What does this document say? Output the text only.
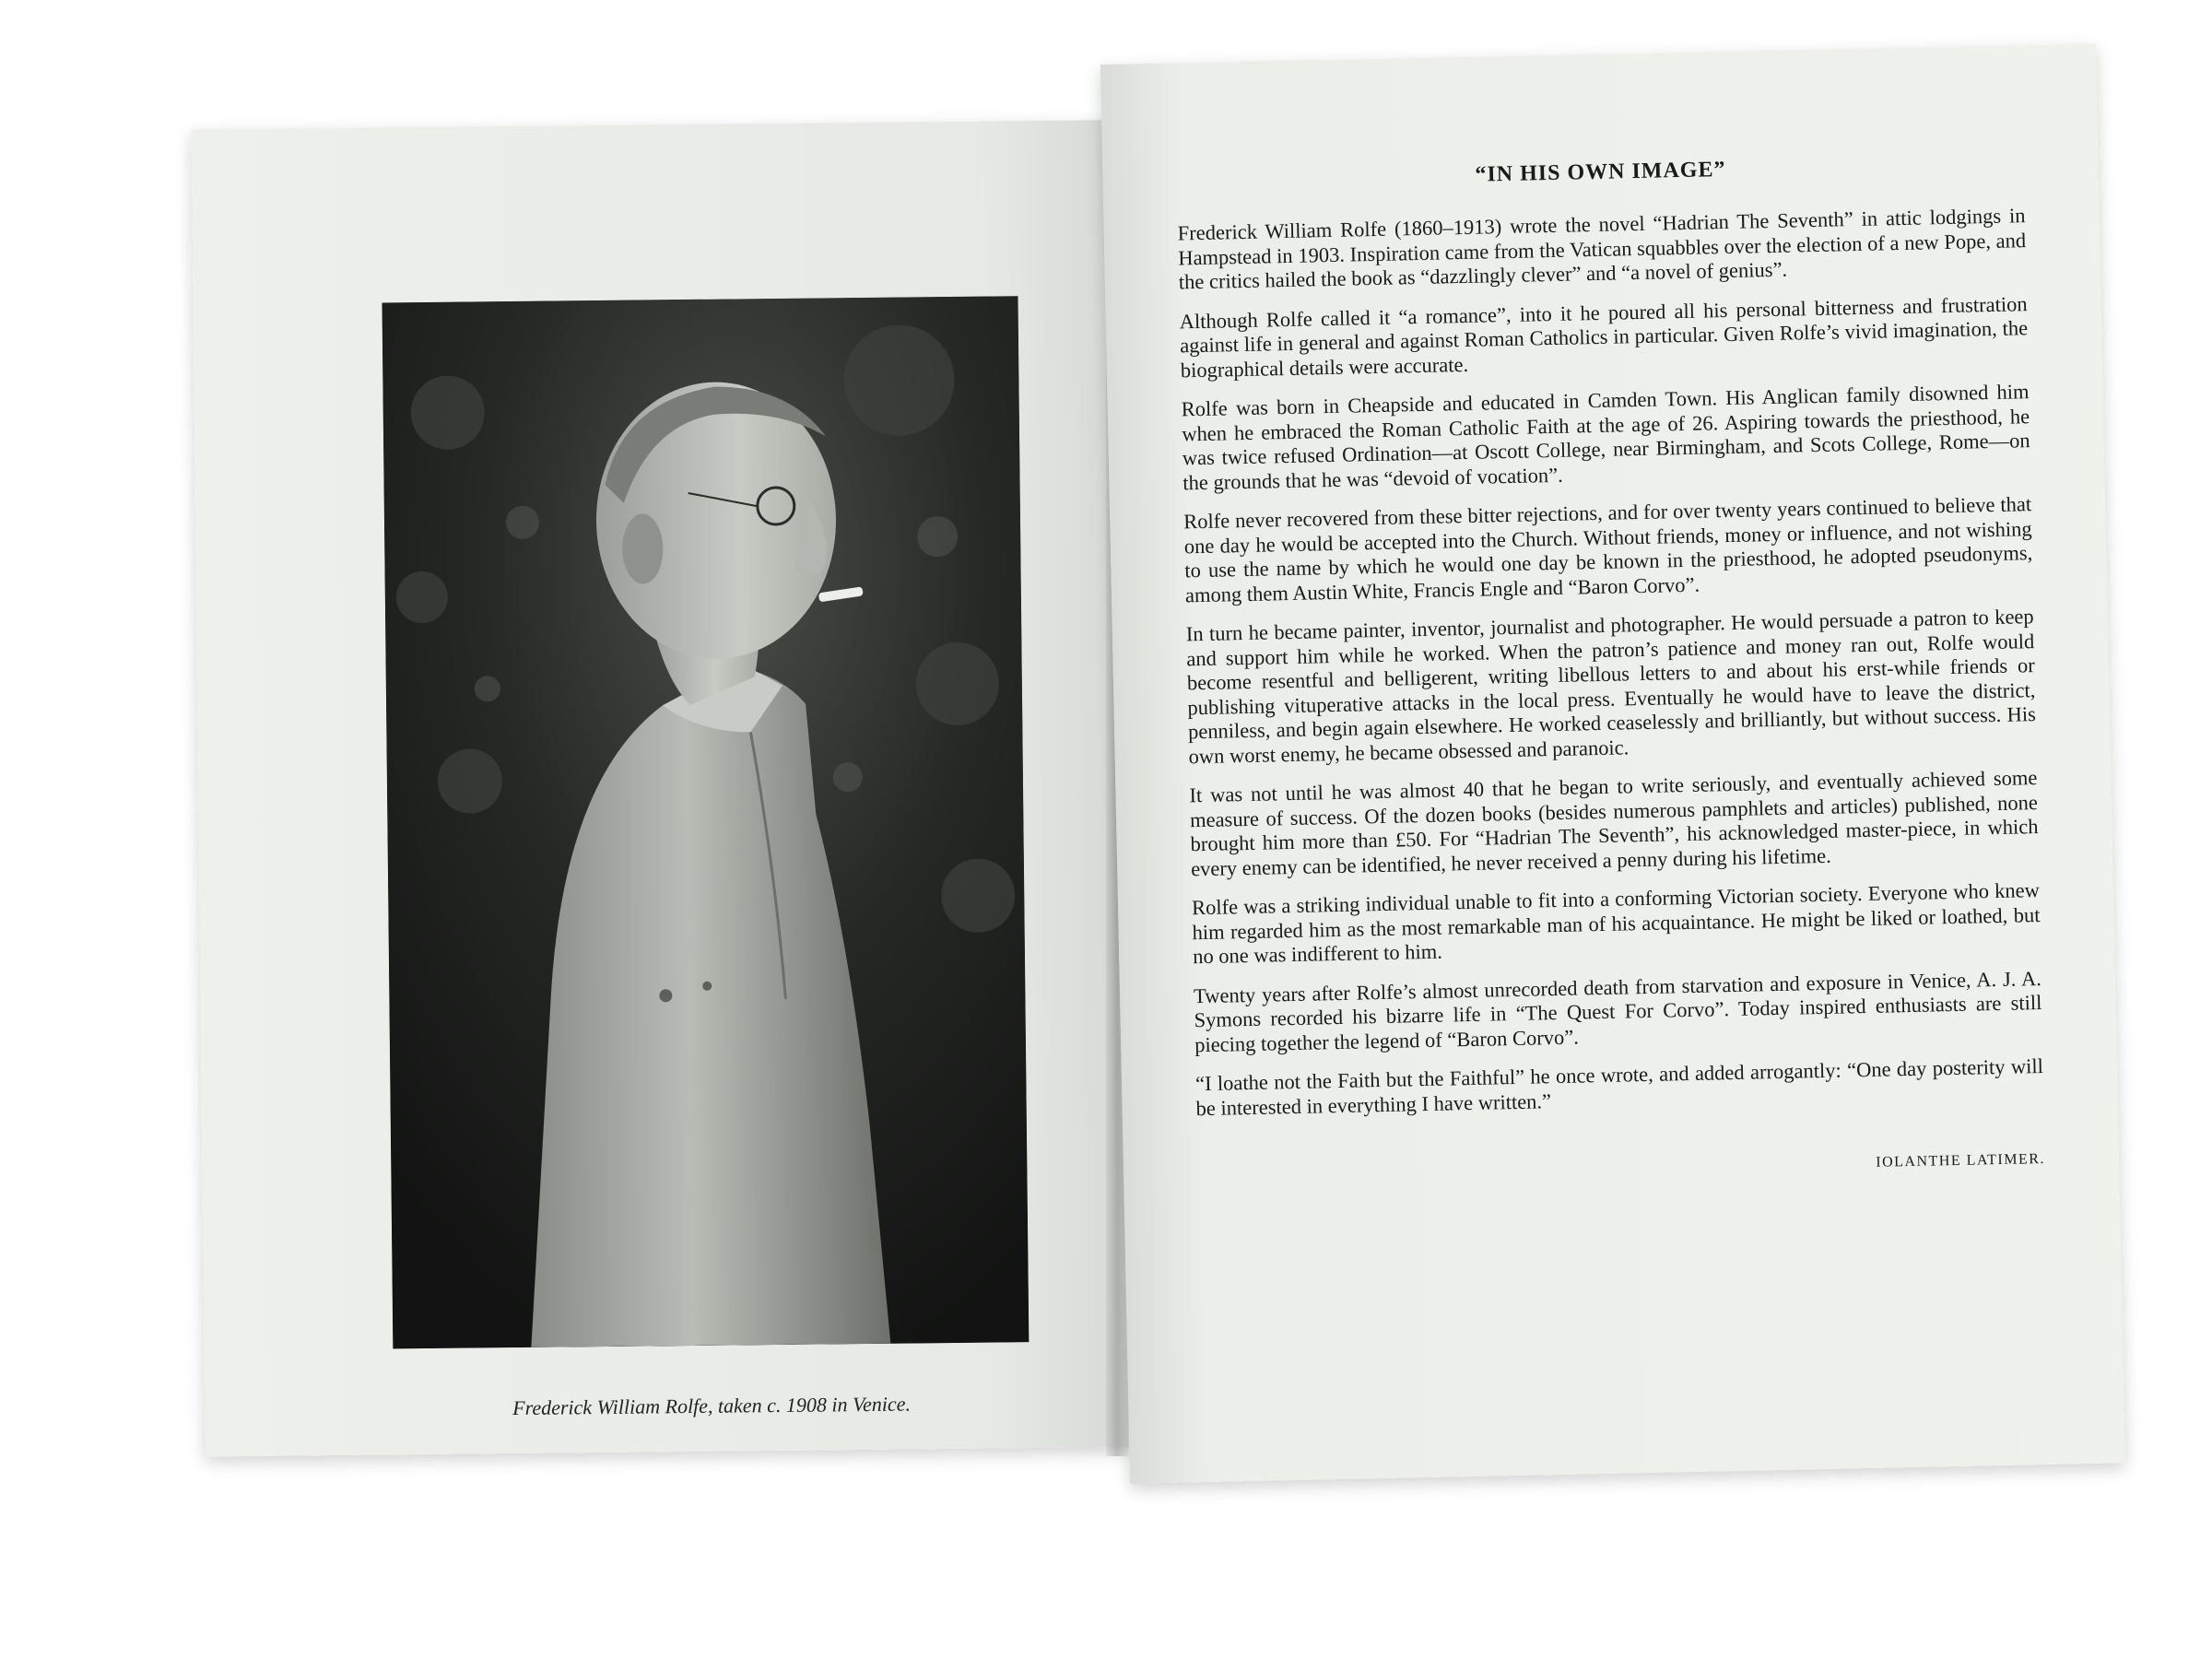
Frederick William Rolfe, taken c. 1908 in Venice.
“IN HIS OWN IMAGE”

Frederick William Rolfe (1860–1913) wrote the novel “Hadrian The Seventh” in attic lodgings in Hampstead in 1903. Inspiration came from the Vatican squabbles over the election of a new Pope, and the critics hailed the book as “dazzlingly clever” and “a novel of genius”.

Although Rolfe called it “a romance”, into it he poured all his personal bitterness and frustration against life in general and against Roman Catholics in particular. Given Rolfe’s vivid imagination, the biographical details were accurate.

Rolfe was born in Cheapside and educated in Camden Town. His Anglican family disowned him when he embraced the Roman Catholic Faith at the age of 26. Aspiring towards the priesthood, he was twice refused Ordination—at Oscott College, near Birmingham, and Scots College, Rome—on the grounds that he was “devoid of vocation”.

Rolfe never recovered from these bitter rejections, and for over twenty years continued to believe that one day he would be accepted into the Church. Without friends, money or influence, and not wishing to use the name by which he would one day be known in the priesthood, he adopted pseudonyms, among them Austin White, Francis Engle and “Baron Corvo”.

In turn he became painter, inventor, journalist and photographer. He would persuade a patron to keep and support him while he worked. When the patron’s patience and money ran out, Rolfe would become resentful and belligerent, writing libellous letters to and about his erst-while friends or publishing vituperative attacks in the local press. Eventually he would have to leave the district, penniless, and begin again elsewhere. He worked ceaselessly and brilliantly, but without success. His own worst enemy, he became obsessed and paranoic.

It was not until he was almost 40 that he began to write seriously, and eventually achieved some measure of success. Of the dozen books (besides numerous pamphlets and articles) published, none brought him more than £50. For “Hadrian The Seventh”, his acknowledged master-piece, in which every enemy can be identified, he never received a penny during his lifetime.

Rolfe was a striking individual unable to fit into a conforming Victorian society. Everyone who knew him regarded him as the most remarkable man of his acquaintance. He might be liked or loathed, but no one was indifferent to him.

Twenty years after Rolfe’s almost unrecorded death from starvation and exposure in Venice, A. J. A. Symons recorded his bizarre life in “The Quest For Corvo”. Today inspired enthusiasts are still piecing together the legend of “Baron Corvo”.

“I loathe not the Faith but the Faithful” he once wrote, and added arrogantly: “One day posterity will be interested in everything I have written.”

IOLANTHE LATIMER.
